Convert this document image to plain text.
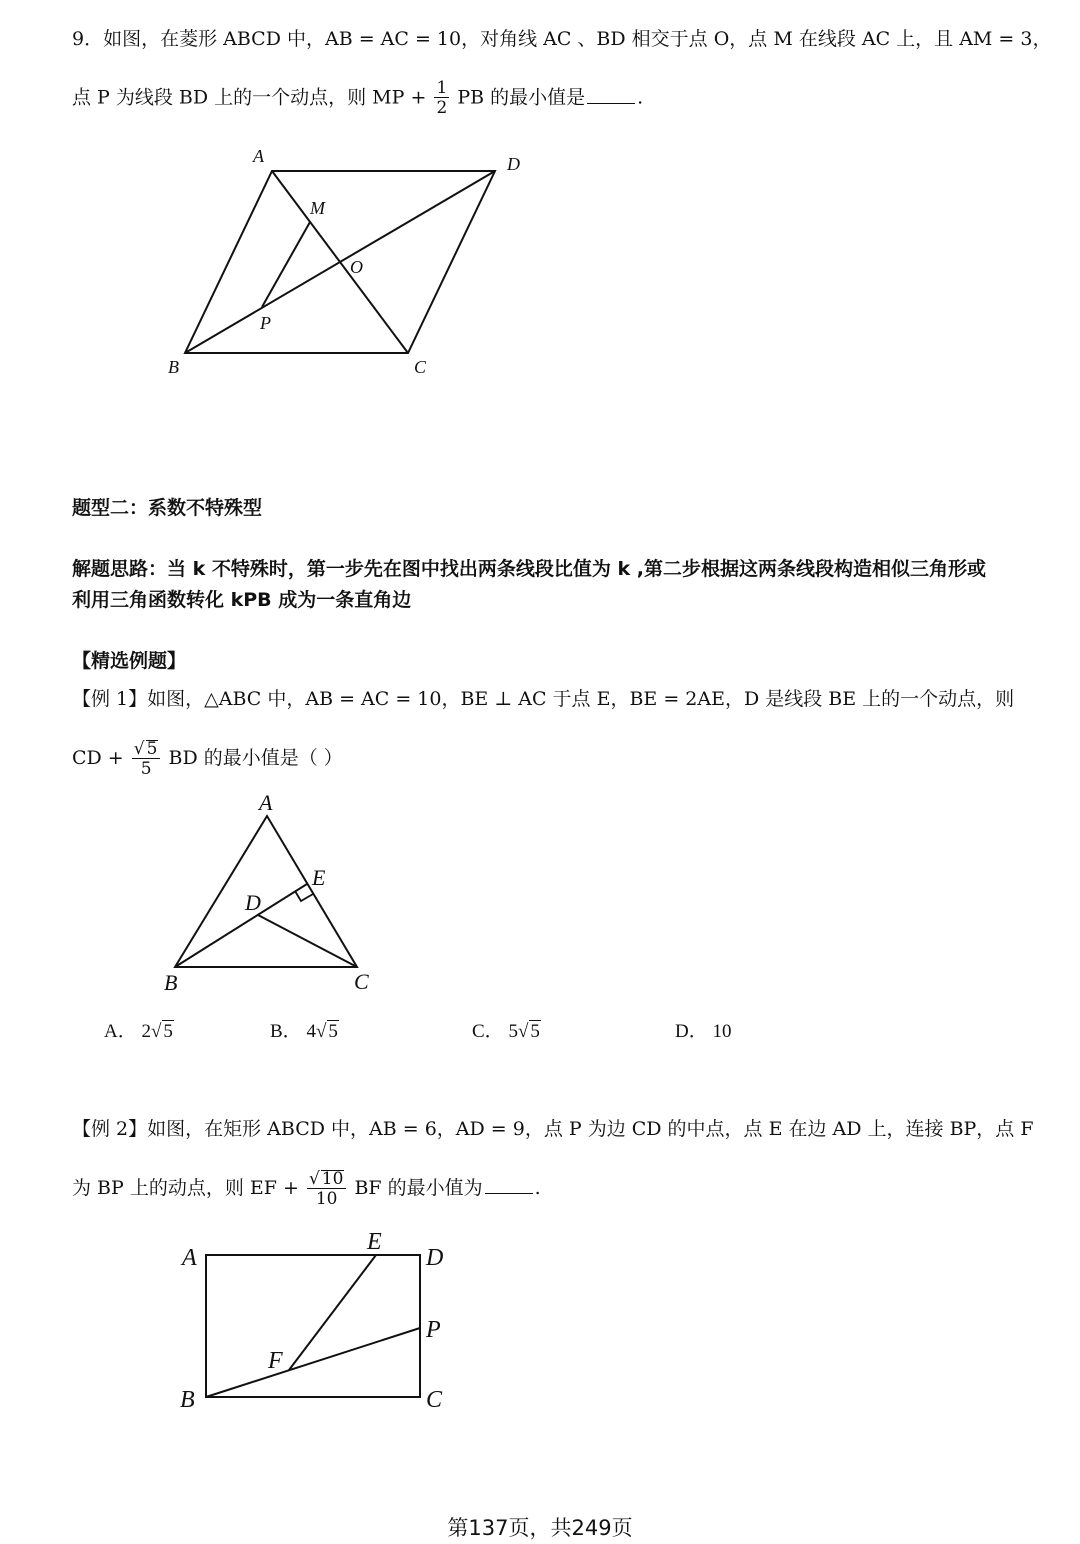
9．如图，在菱形 ABCD 中，AB = AC = 10，对角线 AC 、BD 相交于点 O，点 M 在线段 AC 上，且 AM = 3，
点 P 为线段 BD 上的一个动点，则 MP + $\frac{1}{2}$ PB 的最小值是	.
A	D
M
O
P
B	C
题型二：系数不特殊型
解题思路：当 k 不特殊时，第一步先在图中找出两条线段比值为 k ,第二步根据这两条线段构造相似三角形或
利用三角函数转化 kPB 成为一条直角边
【精选例题】
【例 1】如图，△ABC 中，AB = AC = 10，BE ⊥ AC 于点 E，BE = 2AE，D 是线段 BE 上的一个动点，则
CD + $\frac{√ 5}{5}$ BD 的最小值是（ ）
A
E
D
B	C
A． 2√ 5	B． 4√ 5	C． 5√ 5	D． 10
【例 2】如图，在矩形 ABCD 中，AB = 6，AD = 9，点 P 为边 CD 的中点，点 E 在边 AD 上，连接 BP，点 F
为 BP 上的动点，则 EF + $\frac{√ 10}{10}$ BF 的最小值为	.
A
E
D
P
F
B	C
第137页，共249页
